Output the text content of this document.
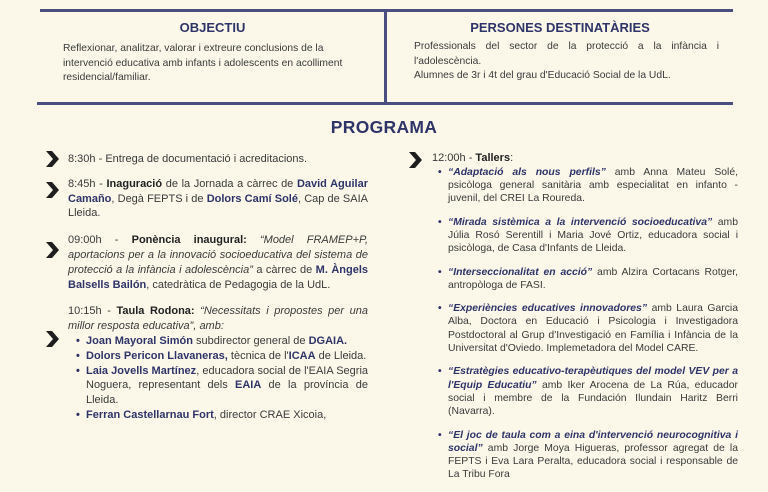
OBJECTIU
Reflexionar, analitzar, valorar i extreure conclusions de la intervenció educativa amb infants i adolescents en acolliment residencial/familiar.
PERSONES DESTINATÀRIES
Professionals del sector de la protecció a la infància i l'adolescència.
Alumnes de 3r i 4t del grau d'Educació Social de la UdL.
PROGRAMA
8:30h - Entrega de documentació i acreditacions.
8:45h - Inaguració de la Jornada a càrrec de David Aguilar Camaño, Degà FEPTS i de Dolors Camí Solé, Cap de SAIA Lleida.
09:00h - Ponència inaugural: “Model FRAMEP+P, aportacions per a la innovació socioeducativa del sistema de protecció a la infància i adolescència” a càrrec de M. Àngels Balsells Bailón, catedràtica de Pedagogia de la UdL.
10:15h - Taula Rodona: “Necessitats i propostes per una millor resposta educativa”, amb:
• Joan Mayoral Simón subdirector general de DGAIA.
• Dolors Pericon Llavaneras, tècnica de l'ICAA de Lleida.
• Laia Jovells Martínez, educadora social de l'EAIA Segria Noguera, representant dels EAIA de la província de Lleida.
• Ferran Castellarnau Fort, director CRAE Xicoia,
12:00h - Tallers:
• “Adaptació als nous perfils” amb Anna Mateu Solé, psicòloga general sanitària amb especialitat en infanto - juvenil, del CREI La Roureda.
• “Mirada sistèmica a la intervenció socioeducativa” amb Júlia Rosó Serentill i Maria Jové Ortiz, educadora social i psicòloga, de Casa d'Infants de Lleida.
• “Interseccionalitat en acció” amb Alzira Cortacans Rotger, antropòloga de FASI.
• “Experiències educatives innovadores” amb Laura Garcia Alba, Doctora en Educació i Psicologia i Investigadora Postdoctoral al Grup d'Investigació en Família i Infància de la Universitat d'Oviedo. Implemetadora del Model CARE.
• “Estratègies educativo-terapèutiques del model VEV per a l'Equip Educatiu” amb Iker Arocena de La Rúa, educador social i membre de la Fundación Ilundain Haritz Berri (Navarra).
• “El joc de taula com a eina d'intervenció neurocognitiva i social” amb Jorge Moya Higueras, professor agregat de la FEPTS i Eva Lara Peralta, educadora social i responsable de La Tribu Fora
